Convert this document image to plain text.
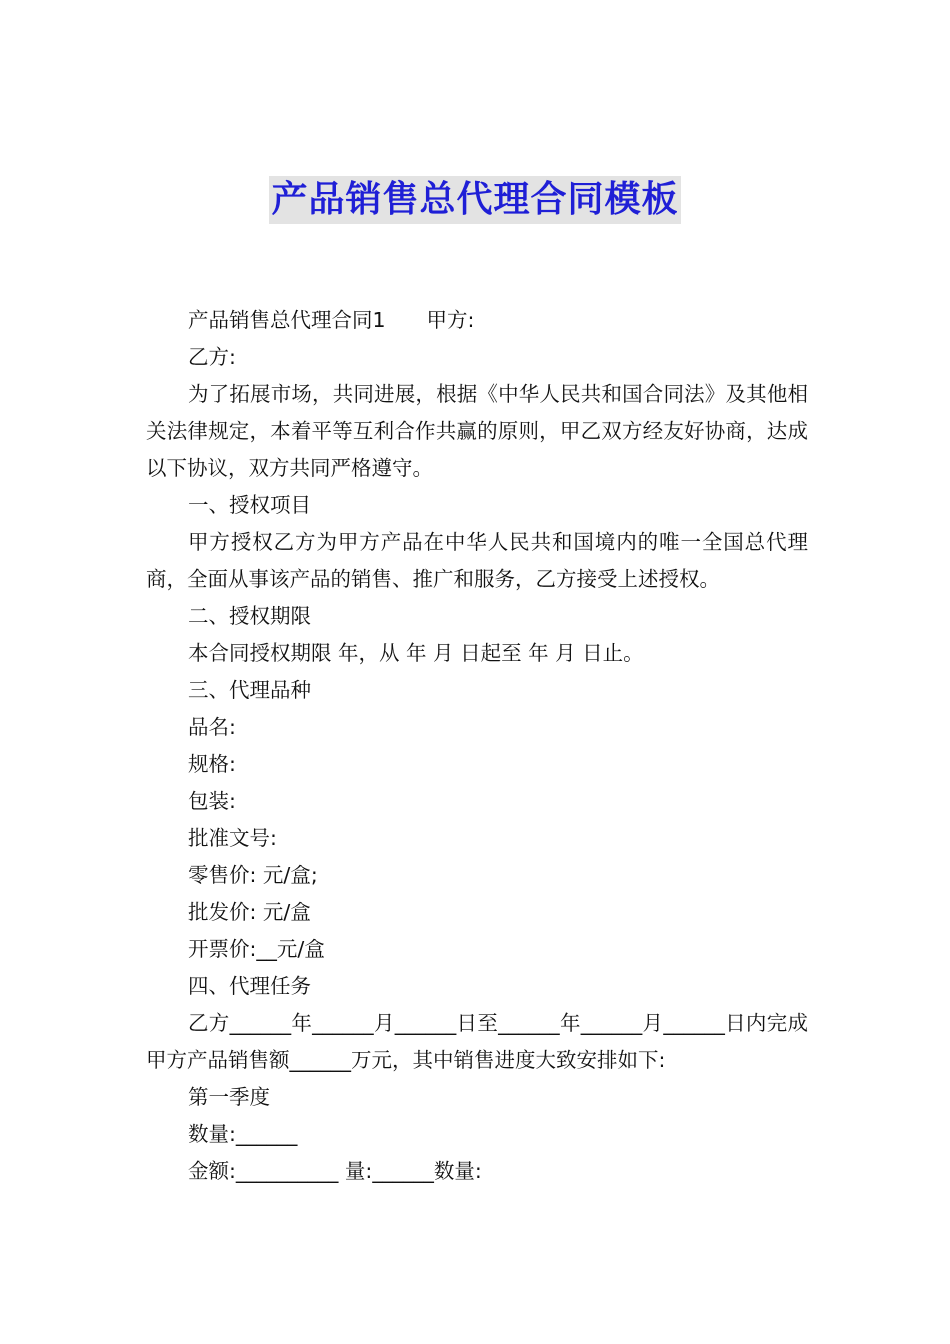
产品销售总代理合同模板

产品销售总代理合同1　　甲方:

乙方:

为了拓展市场，共同进展，根据《中华人民共和国合同法》及其他相关法律规定，本着平等互利合作共赢的原则，甲乙双方经友好协商，达成以下协议，双方共同严格遵守。

一、授权项目

甲方授权乙方为甲方产品在中华人民共和国境内的唯一全国总代理商，全面从事该产品的销售、推广和服务，乙方接受上述授权。

二、授权期限

本合同授权期限 年，从 年 月 日起至 年 月 日止。

三、代理品种

品名:

规格:

包装:

批准文号:

零售价: 元/盒;

批发价: 元/盒

开票价:__元/盒

四、代理任务

乙方______年______月______日至______年______月______日内完成甲方产品销售额______万元，其中销售进度大致安排如下:

第一季度

数量:______

金额:__________ 量:______数量:
